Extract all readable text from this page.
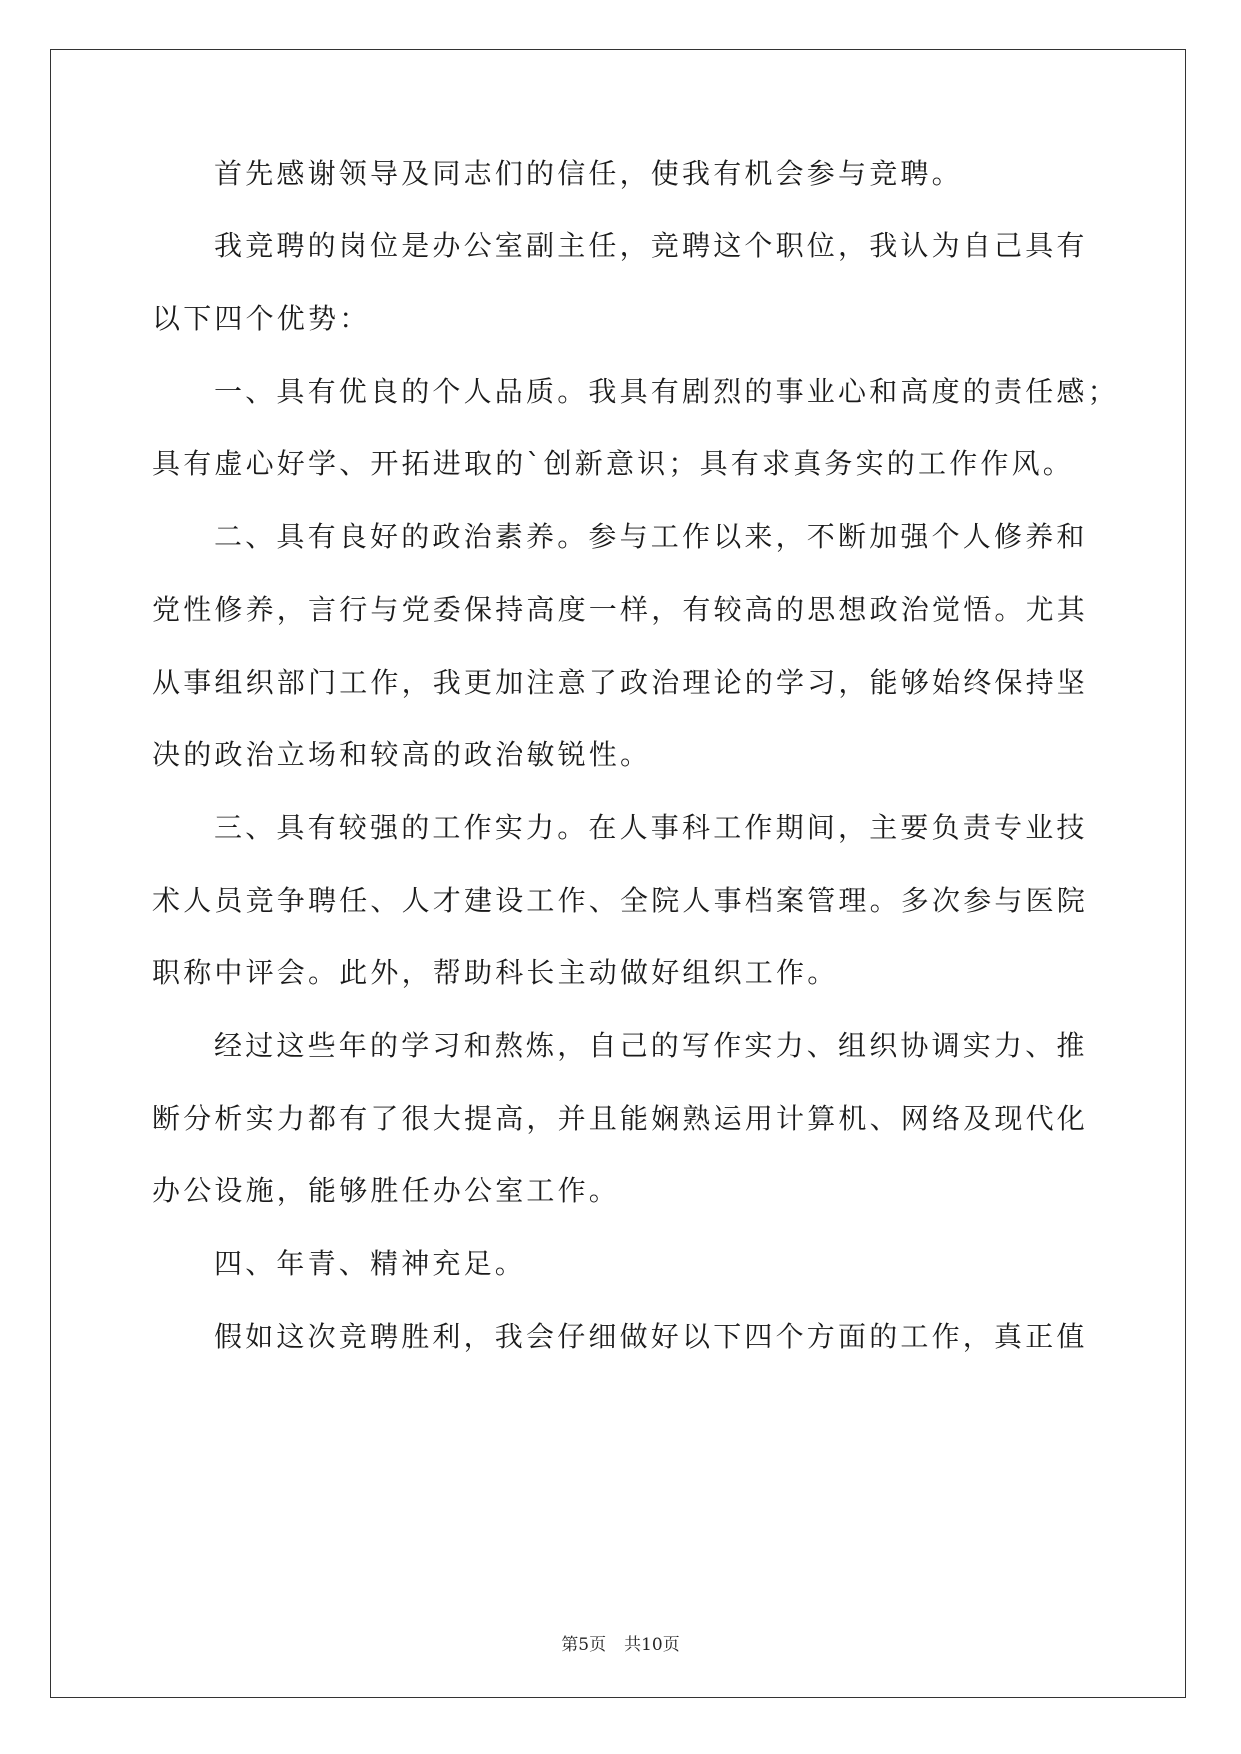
首先感谢领导及同志们的信任，使我有机会参与竞聘。
我竞聘的岗位是办公室副主任，竞聘这个职位，我认为自己具有
以下四个优势：
一、具有优良的个人品质。我具有剧烈的事业心和高度的责任感；
具有虚心好学、开拓进取的`创新意识；具有求真务实的工作作风。
二、具有良好的政治素养。参与工作以来，不断加强个人修养和
党性修养，言行与党委保持高度一样，有较高的思想政治觉悟。尤其
从事组织部门工作，我更加注意了政治理论的学习，能够始终保持坚
决的政治立场和较高的政治敏锐性。
三、具有较强的工作实力。在人事科工作期间，主要负责专业技
术人员竞争聘任、人才建设工作、全院人事档案管理。多次参与医院
职称中评会。此外，帮助科长主动做好组织工作。
经过这些年的学习和熬炼，自己的写作实力、组织协调实力、推
断分析实力都有了很大提高，并且能娴熟运用计算机、网络及现代化
办公设施，能够胜任办公室工作。
四、年青、精神充足。
假如这次竞聘胜利，我会仔细做好以下四个方面的工作，真正值
第5页 共10页
